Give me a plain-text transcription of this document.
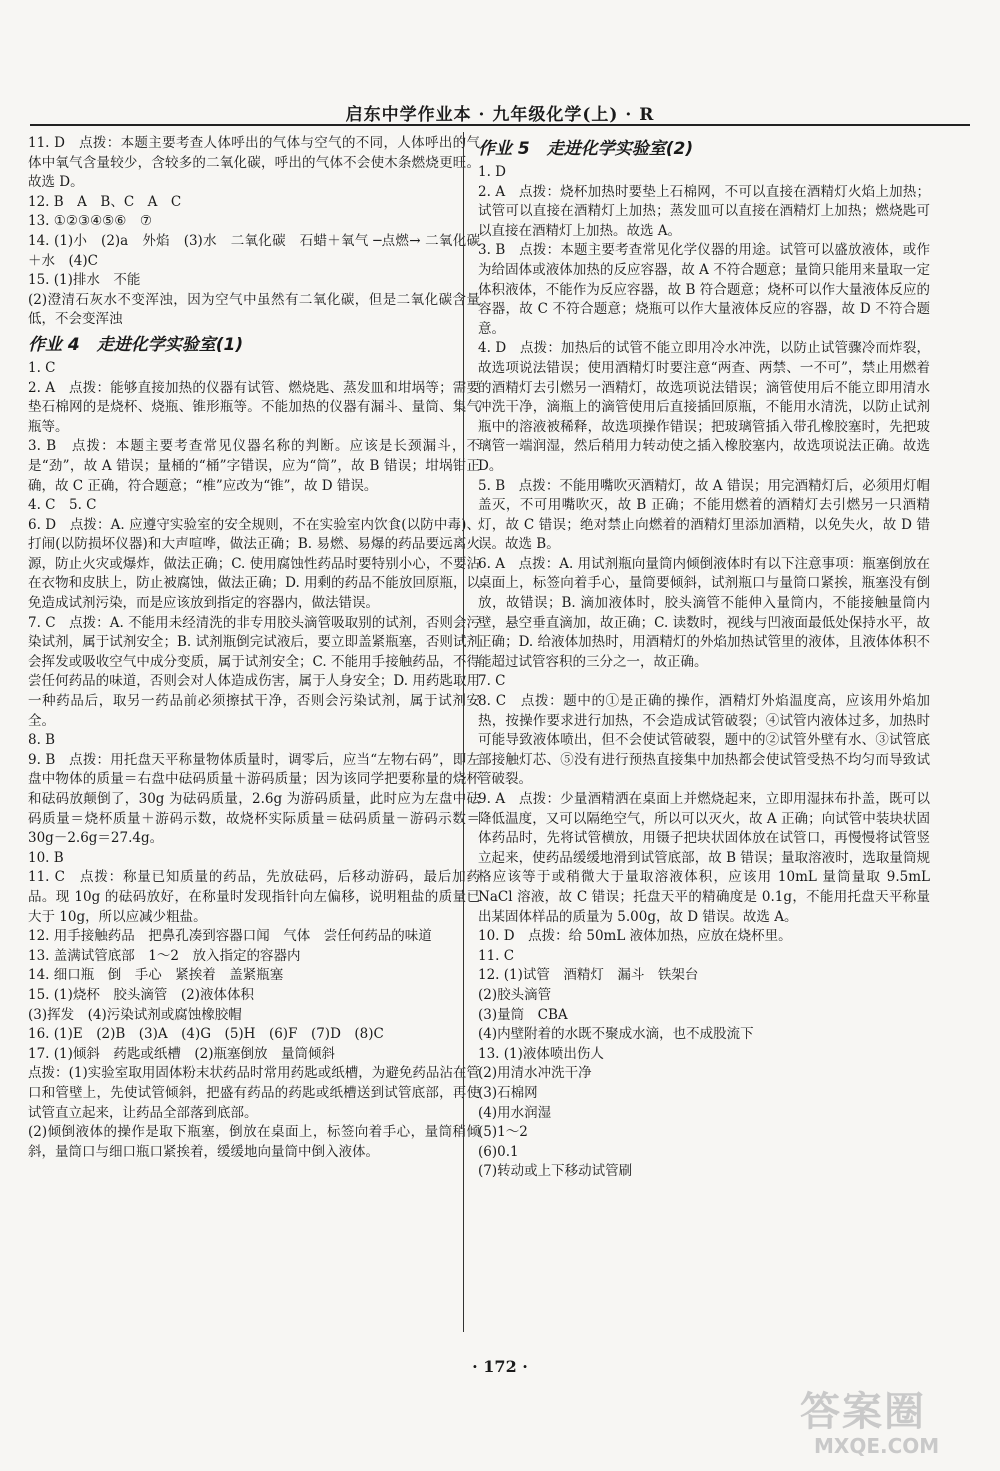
启东中学作业本 · 九年级化学(上) · R

11. D　点拨：本题主要考查人体呼出的气体与空气的不同，人体呼出的气体中氧气含量较少，含较多的二氧化碳，呼出的气体不会使木条燃烧更旺。故选 D。

12. B　A　B、C　A　C

13. ①②③④⑤⑥　⑦

14. (1)小　(2)a　外焰　(3)水　二氧化碳　石蜡＋氧气 ─点燃→ 二氧化碳＋水　(4)C

15. (1)排水　不能

(2)澄清石灰水不变浑浊，因为空气中虽然有二氧化碳，但是二氧化碳含量低，不会变浑浊

作业 4　走进化学实验室(1)

1. C

2. A　点拨：能够直接加热的仪器有试管、燃烧匙、蒸发皿和坩埚等；需要垫石棉网的是烧杯、烧瓶、锥形瓶等。不能加热的仪器有漏斗、量筒、集气瓶等。

3. B　点拨：本题主要考查常见仪器名称的判断。应该是长颈漏斗，不是“劲”，故 A 错误；量桶的“桶”字错误，应为“筒”，故 B 错误；坩埚钳正确，故 C 正确，符合题意；“椎”应改为“锥”，故 D 错误。

4. C　5. C

6. D　点拨：A. 应遵守实验室的安全规则，不在实验室内饮食(以防中毒)、打闹(以防损坏仪器)和大声喧哗，做法正确；B. 易燃、易爆的药品要远离火源，防止火灾或爆炸，做法正确；C. 使用腐蚀性药品时要特别小心，不要沾在衣物和皮肤上，防止被腐蚀，做法正确；D. 用剩的药品不能放回原瓶，以免造成试剂污染，而是应该放到指定的容器内，做法错误。

7. C　点拨：A. 不能用未经清洗的非专用胶头滴管吸取别的试剂，否则会污染试剂，属于试剂安全；B. 试剂瓶倒完试液后，要立即盖紧瓶塞，否则试剂会挥发或吸收空气中成分变质，属于试剂安全；C. 不能用手接触药品，不得尝任何药品的味道，否则会对人体造成伤害，属于人身安全；D. 用药匙取用一种药品后，取另一药品前必须擦拭干净，否则会污染试剂，属于试剂安全。

8. B

9. B　点拨：用托盘天平称量物体质量时，调零后，应当“左物右码”，即左盘中物体的质量＝右盘中砝码质量＋游码质量；因为该同学把要称量的烧杯和砝码放颠倒了，30g 为砝码质量，2.6g 为游码质量，此时应为左盘中砝码质量＝烧杯质量＋游码示数，故烧杯实际质量＝砝码质量－游码示数＝30g－2.6g＝27.4g。

10. B

11. C　点拨：称量已知质量的药品，先放砝码，后移动游码，最后加药品。现 10g 的砝码放好，在称量时发现指针向左偏移，说明粗盐的质量已大于 10g，所以应减少粗盐。

12. 用手接触药品　把鼻孔凑到容器口闻　气体　尝任何药品的味道

13. 盖满试管底部　1～2　放入指定的容器内

14. 细口瓶　倒　手心　紧挨着　盖紧瓶塞

15. (1)烧杯　胶头滴管　(2)液体体积

(3)挥发　(4)污染试剂或腐蚀橡胶帽

16. (1)E　(2)B　(3)A　(4)G　(5)H　(6)F　(7)D　(8)C

17. (1)倾斜　药匙或纸槽　(2)瓶塞倒放　量筒倾斜

点拨：(1)实验室取用固体粉末状药品时常用药匙或纸槽，为避免药品沾在管口和管壁上，先使试管倾斜，把盛有药品的药匙或纸槽送到试管底部，再使试管直立起来，让药品全部落到底部。

(2)倾倒液体的操作是取下瓶塞，倒放在桌面上，标签向着手心，量筒稍倾斜，量筒口与细口瓶口紧挨着，缓缓地向量筒中倒入液体。

作业 5　走进化学实验室(2)

1. D

2. A　点拨：烧杯加热时要垫上石棉网，不可以直接在酒精灯火焰上加热；试管可以直接在酒精灯上加热；蒸发皿可以直接在酒精灯上加热；燃烧匙可以直接在酒精灯上加热。故选 A。

3. B　点拨：本题主要考查常见化学仪器的用途。试管可以盛放液体，或作为给固体或液体加热的反应容器，故 A 不符合题意；量筒只能用来量取一定体积液体，不能作为反应容器，故 B 符合题意；烧杯可以作大量液体反应的容器，故 C 不符合题意；烧瓶可以作大量液体反应的容器，故 D 不符合题意。

4. D　点拨：加热后的试管不能立即用冷水冲洗，以防止试管骤冷而炸裂，故选项说法错误；使用酒精灯时要注意“两查、两禁、一不可”，禁止用燃着的酒精灯去引燃另一酒精灯，故选项说法错误；滴管使用后不能立即用清水冲洗干净，滴瓶上的滴管使用后直接插回原瓶，不能用水清洗，以防止试剂瓶中的溶液被稀释，故选项操作错误；把玻璃管插入带孔橡胶塞时，先把玻璃管一端润湿，然后稍用力转动使之插入橡胶塞内，故选项说法正确。故选 D。

5. B　点拨：不能用嘴吹灭酒精灯，故 A 错误；用完酒精灯后，必须用灯帽盖灭，不可用嘴吹灭，故 B 正确；不能用燃着的酒精灯去引燃另一只酒精灯，故 C 错误；绝对禁止向燃着的酒精灯里添加酒精，以免失火，故 D 错误。故选 B。

6. A　点拨：A. 用试剂瓶向量筒内倾倒液体时有以下注意事项：瓶塞倒放在桌面上，标签向着手心，量筒要倾斜，试剂瓶口与量筒口紧挨，瓶塞没有倒放，故错误；B. 滴加液体时，胶头滴管不能伸入量筒内，不能接触量筒内壁，悬空垂直滴加，故正确；C. 读数时，视线与凹液面最低处保持水平，故正确；D. 给液体加热时，用酒精灯的外焰加热试管里的液体，且液体体积不能超过试管容积的三分之一，故正确。

7. C

8. C　点拨：题中的①是正确的操作，酒精灯外焰温度高，应该用外焰加热，按操作要求进行加热，不会造成试管破裂；④试管内液体过多，加热时可能导致液体喷出，但不会使试管破裂，题中的②试管外壁有水、③试管底部接触灯芯、⑤没有进行预热直接集中加热都会使试管受热不均匀而导致试管破裂。

9. A　点拨：少量酒精洒在桌面上并燃烧起来，立即用湿抹布扑盖，既可以降低温度，又可以隔绝空气，所以可以灭火，故 A 正确；向试管中装块状固体药品时，先将试管横放，用镊子把块状固体放在试管口，再慢慢将试管竖立起来，使药品缓缓地滑到试管底部，故 B 错误；量取溶液时，选取量筒规格应该等于或稍微大于量取溶液体积，应该用 10mL 量筒量取 9.5mL NaCl 溶液，故 C 错误；托盘天平的精确度是 0.1g，不能用托盘天平称量出某固体样品的质量为 5.00g，故 D 错误。故选 A。

10. D　点拨：给 50mL 液体加热，应放在烧杯里。

11. C

12. (1)试管　酒精灯　漏斗　铁架台

(2)胶头滴管

(3)量筒　CBA

(4)内壁附着的水既不聚成水滴，也不成股流下

13. (1)液体喷出伤人

(2)用清水冲洗干净

(3)石棉网

(4)用水润湿

(5)1～2

(6)0.1

(7)转动或上下移动试管刷

· 172 ·
答案圈
MXQE.COM
